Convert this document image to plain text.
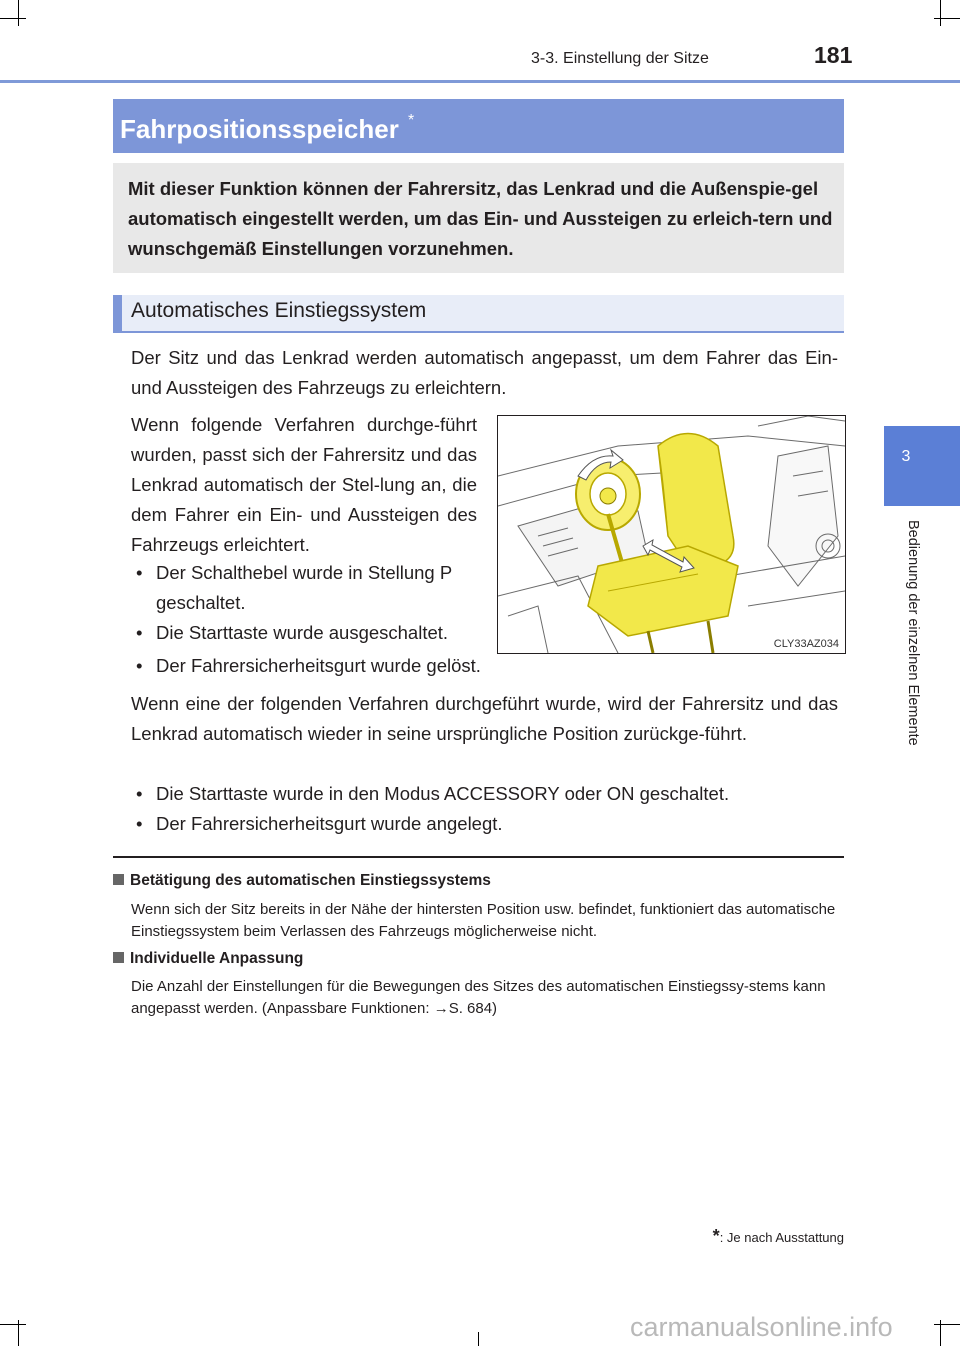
3-3. Einstellung der Sitze	181
3
Bedienung der einzelnen Elemente
Fahrpositionsspeicher *
Mit dieser Funktion können der Fahrersitz, das Lenkrad und die Außenspie-gel automatisch eingestellt werden, um das Ein- und Aussteigen zu erleich-tern und wunschgemäß Einstellungen vorzunehmen.
Automatisches Einstiegssystem
Der Sitz und das Lenkrad werden automatisch angepasst, um dem Fahrer das Ein- und Aussteigen des Fahrzeugs zu erleichtern.
Wenn folgende Verfahren durchge-führt wurden, passt sich der Fahrersitz und das Lenkrad automatisch der Stel-lung an, die dem Fahrer ein Ein- und Aussteigen des Fahrzeugs erleichtert.
• Der Schalthebel wurde in Stellung P geschaltet.
• Die Starttaste wurde ausgeschaltet.
• Der Fahrersicherheitsgurt wurde gelöst.
Wenn eine der folgenden Verfahren durchgeführt wurde, wird der Fahrersitz und das Lenkrad automatisch wieder in seine ursprüngliche Position zurückge-führt.
• Die Starttaste wurde in den Modus ACCESSORY oder ON geschaltet.
• Der Fahrersicherheitsgurt wurde angelegt.
CLY33AZ034
Betätigung des automatischen Einstiegssystems
Wenn sich der Sitz bereits in der Nähe der hintersten Position usw. befindet, funktioniert das automatische Einstiegssystem beim Verlassen des Fahrzeugs möglicherweise nicht.
Individuelle Anpassung
Die Anzahl der Einstellungen für die Bewegungen des Sitzes des automatischen Einstiegssy-stems kann angepasst werden. (Anpassbare Funktionen: →S. 684)
*: Je nach Ausstattung
carmanualsonline.info
